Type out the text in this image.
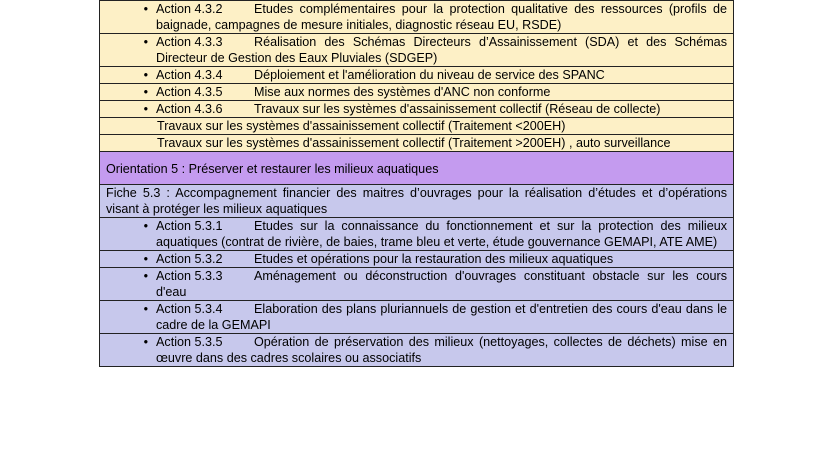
• Action 4.3.2 Etudes complémentaires pour la protection qualitative des ressources (profils de baignade, campagnes de mesure initiales, diagnostic réseau EU, RSDE)

• Action 4.3.3 Réalisation des Schémas Directeurs d’Assainissement (SDA) et des Schémas Directeur de Gestion des Eaux Pluviales (SDGEP)

• Action 4.3.4 Déploiement et l'amélioration du niveau de service des SPANC

• Action 4.3.5 Mise aux normes des systèmes d'ANC non conforme

• Action 4.3.6 Travaux sur les systèmes d'assainissement collectif (Réseau de collecte)

Travaux sur les systèmes d'assainissement collectif (Traitement <200EH)

Travaux sur les systèmes d'assainissement collectif (Traitement >200EH) , auto surveillance

Orientation 5 : Préserver et restaurer les milieux aquatiques

Fiche 5.3 : Accompagnement financier des maitres d’ouvrages pour la réalisation d’études et d’opérations visant à protéger les milieux aquatiques

• Action 5.3.1 Etudes sur la connaissance du fonctionnement et sur la protection des milieux aquatiques (contrat de rivière, de baies, trame bleu et verte, étude gouvernance GEMAPI, ATE AME)

• Action 5.3.2 Etudes et opérations pour la restauration des milieux aquatiques

• Action 5.3.3 Aménagement ou déconstruction d'ouvrages constituant obstacle sur les cours d'eau

• Action 5.3.4 Elaboration des plans pluriannuels de gestion et d'entretien des cours d'eau dans le cadre de la GEMAPI

• Action 5.3.5 Opération de préservation des milieux (nettoyages, collectes de déchets) mise en œuvre dans des cadres scolaires ou associatifs
